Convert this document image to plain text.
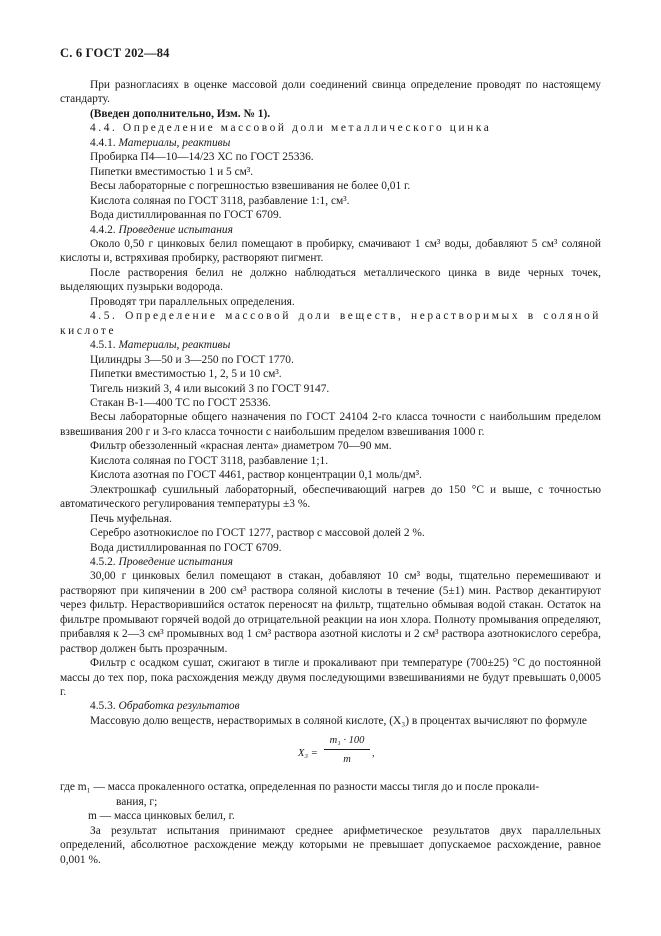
С. 6 ГОСТ 202—84

При разногласиях в оценке массовой доли соединений свинца определение проводят по настоящему стандарту.

(Введен дополнительно, Изм. № 1).

4.4. Определение массовой доли металлического цинка

4.4.1. Материалы, реактивы

Пробирка П4—10—14/23 ХС по ГОСТ 25336.

Пипетки вместимостью 1 и 5 см³.

Весы лабораторные с погрешностью взвешивания не более 0,01 г.

Кислота соляная по ГОСТ 3118, разбавление 1:1, см³.

Вода дистиллированная по ГОСТ 6709.

4.4.2. Проведение испытания

Около 0,50 г цинковых белил помещают в пробирку, смачивают 1 см³ воды, добавляют 5 см³ соляной кислоты и, встряхивая пробирку, растворяют пигмент.

После растворения белил не должно наблюдаться металлического цинка в виде черных точек, выделяющих пузырьки водорода.

Проводят три параллельных определения.

4.5. Определение массовой доли веществ, нерастворимых в соляной кислоте

4.5.1. Материалы, реактивы

Цилиндры 3—50 и 3—250 по ГОСТ 1770.

Пипетки вместимостью 1, 2, 5 и 10 см³.

Тигель низкий 3, 4 или высокий 3 по ГОСТ 9147.

Стакан В-1—400 ТС по ГОСТ 25336.

Весы лабораторные общего назначения по ГОСТ 24104 2-го класса точности с наибольшим пределом взвешивания 200 г и 3-го класса точности с наибольшим пределом взвешивания 1000 г.

Фильтр обеззоленный «красная лента» диаметром 70—90 мм.

Кислота соляная по ГОСТ 3118, разбавление 1;1.

Кислота азотная по ГОСТ 4461, раствор концентрации 0,1 моль/дм³.

Электрошкаф сушильный лабораторный, обеспечивающий нагрев до 150 °С и выше, с точностью автоматического регулирования температуры ±3 %.

Печь муфельная.

Серебро азотнокислое по ГОСТ 1277, раствор с массовой долей 2 %.

Вода дистиллированная по ГОСТ 6709.

4.5.2. Проведение испытания

30,00 г цинковых белил помещают в стакан, добавляют 10 см³ воды, тщательно перемешивают и растворяют при кипячении в 200 см³ раствора соляной кислоты в течение (5±1) мин. Раствор декантируют через фильтр. Нерастворившийся остаток переносят на фильтр, тщательно обмывая водой стакан. Остаток на фильтре промывают горячей водой до отрицательной реакции на ион хлора. Полноту промывания определяют, прибавляя к 2—3 см³ промывных вод 1 см³ раствора азотной кислоты и 2 см³ раствора азотнокислого серебра, раствор должен быть прозрачным.

Фильтр с осадком сушат, сжигают в тигле и прокаливают при температуре (700±25) °С до постоянной массы до тех пор, пока расхождения между двумя последующими взвешиваниями не будут превышать 0,0005 г.

4.5.3. Обработка результатов

Массовую долю веществ, нерастворимых в соляной кислоте, (X₃) в процентах вычисляют по формуле

X₃ =
m₁ · 100
m
,

где m₁ — масса прокаленного остатка, определенная по разности массы тигля до и после прокали-

вания, г;

m — масса цинковых белил, г.

За результат испытания принимают среднее арифметическое результатов двух параллельных определений, абсолютное расхождение между которыми не превышает допускаемое расхождение, равное 0,001 %.
